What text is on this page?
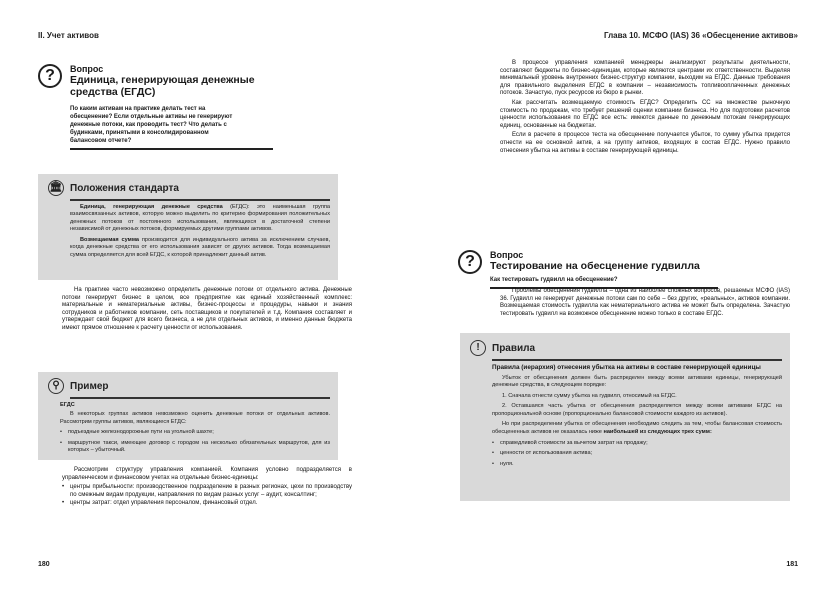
II. Учет активов
?	Вопрос
Единица, генерирующая денежные средства (ЕГДС)
По каким активам на практике делать тест на обесценение? Если отдельные активы не генерируют денежные потоки, как проводить тест? Что делать с будинками, принятыми в консолидированном балансовом отчете?
🏛 Положения стандарта

Единица, генерирующая денежные средства (ЕГДС): это наименьшая группа взаимосвязанных активов, которую можно выделить по критерию формирования положительных денежных потоков от постоянного использования, являющихся в достаточной степени независимой от денежных потоков, формируемых другими группами активов.

Возмещаемая сумма производится для индивидуального актива за исключением случаев, когда денежные средства от его использования зависят от других активов. Тогда возмещаемая сумма определяется для всей ЕГДС, к которой принадлежит данный актив.

На практике часто невозможно определить денежные потоки от отдельного актива. Денежные потоки генерирует бизнес в целом, все предприятие как единый хозяйственный комплекс: материальные и нематериальные активы, бизнес-процессы и процедуры, навыки и знания сотрудников и работников компании, сеть поставщиков и покупателей и т.д. Компания составляет и утверждает свой бюджет для всего бизнеса, а не для отдельных активов, и именно данные бюджета имеют прямое отношение к расчету ценности от использования.

⚲	Пример
ЕГДС

В некоторых группах активов невозможно оценить денежные потоки от отдельных активов. Рассмотрим группы активов, являющиеся ЕГДС:

• подъездные железнодорожные пути на угольной шахте;
• маршрутное такси, имеющее договор с городом на несколько обязательных маршрутов, для из которых – убыточный.

Рассмотрим структуру управления компанией. Компания условно подразделяется в управленческом и финансовом учетах на отдельные бизнес-единицы:

• центры прибыльности: производственное подразделение в разных регионах, цехи по производству по смежным видам продукции, направления по видам разных услуг – аудит, консалтинг;
• центры затрат: отдел управления персоналом, финансовый отдел.
180
Глава 10. МСФО (IAS) 36 «Обесценение активов»

В процессе управления компанией менеджеры анализируют результаты деятельности, составляют бюджеты по бизнес-единицам, которые являются центрами их ответственности. Выделяя минимальный уровень внутренних бизнес-структур компании, выходим на ЕГДС. Данные требования для правильного выделения ЕГДС в компании – независимость топливооплаченных денежных потоков. Зачастую, пуск ресурсов из бюро в рынки.

Как рассчитать возмещаемую стоимость ЕГДС? Определить СС на множестве рыночную стоимость по продажам, что требует решений оценки компании бизнеса. Но для подготовки расчетов ценности использования по ЕГДС все есть: имеются данные по денежным потокам генерирующих единиц, основанные на бюджетах.

Если в расчете в процессе теста на обесценение получается убыток, то сумму убытка придется отнести на ее основной актив, а на группу активов, входящих в состав ЕГДС. Нужно правило отнесения убытка на активы в составе генерирующей единицы.

?	Вопрос
Тестирование на обесценение гудвилла
Как тестировать гудвилл на обесценение?

Проблемы обесценения гудвилла – одна из наиболее сложных вопросов, решаемых МСФО (IAS) 36. Гудвилл не генерирует денежные потоки сам по себе – без других, «реальных», активов компании. Возмещаемая стоимость гудвилла как нематериального актива не может быть определена. Зачастую тестировать гудвилл на возможное обесценение можно только в составе ЕГДС.

!	Правила
Правила (иерархия) отнесения убытка на активы в составе генерирующей единицы

Убыток от обесценения должен быть распределен между всеми активами единицы, генерирующей денежные средства, в следующем порядке:

1. Сначала отнести сумму убытка на гудвилл, относимый на ЕГДС.

2. Оставшаяся часть убытка от обесценения распределяется между всеми активами ЕГДС на пропорциональной основе (пропорционально балансовой стоимости каждого из активов).

Но при распределении убытка от обесценения необходимо следить за тем, чтобы балансовая стоимость обесцененных активов не оказалась ниже наибольшей из следующих трех сумм:

• справедливой стоимости за вычетом затрат на продажу;
• ценности от использования актива;
• нуля.
181
